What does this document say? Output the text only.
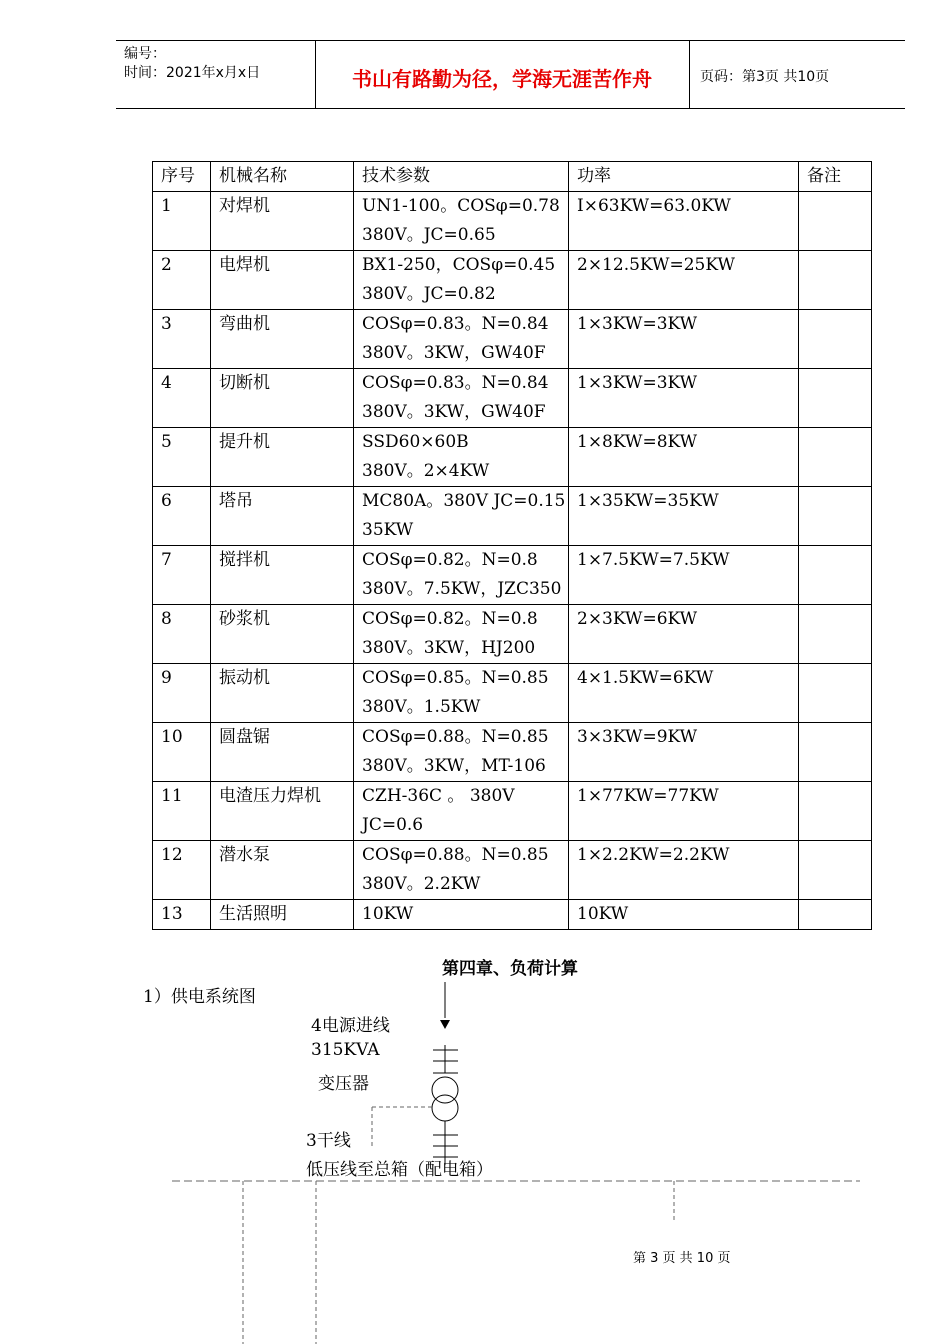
编号：
时间：2021年x月x日	书山有路勤为径，学海无涯苦作舟	页码：第3页 共10页
序号	机械名称	技术参数	功率	备注

1	对焊机	UN1-100。COSφ=0.78
380V。JC=0.65	I×63KW=63.0KW	

2	电焊机	BX1-250，COSφ=0.45
380V。JC=0.82	2×12.5KW=25KW	

3	弯曲机	COSφ=0.83。N=0.84
380V。3KW，GW40F	1×3KW=3KW	

4	切断机	COSφ=0.83。N=0.84
380V。3KW，GW40F	1×3KW=3KW	

5	提升机	SSD60×60B
380V。2×4KW	1×8KW=8KW	

6	塔吊	MC80A。380V JC=0.15
35KW	1×35KW=35KW	

7	搅拌机	COSφ=0.82。N=0.8
380V。7.5KW，JZC350	1×7.5KW=7.5KW	

8	砂浆机	COSφ=0.82。N=0.8
380V。3KW，HJ200	2×3KW=6KW	

9	振动机	COSφ=0.85。N=0.85
380V。1.5KW	4×1.5KW=6KW	

10	圆盘锯	COSφ=0.88。N=0.85
380V。3KW，MT-106	3×3KW=9KW	

11	电渣压力焊机	CZH-36C 。 380V
JC=0.6	1×77KW=77KW	

12	潜水泵	COSφ=0.88。N=0.85
380V。2.2KW	1×2.2KW=2.2KW	

13	生活照明	10KW	10KW	

第四章、负荷计算
1）供电系统图
4电源进线
315KVA
变压器
3干线
低压线至总箱（配电箱）
第 3 页 共 10 页
